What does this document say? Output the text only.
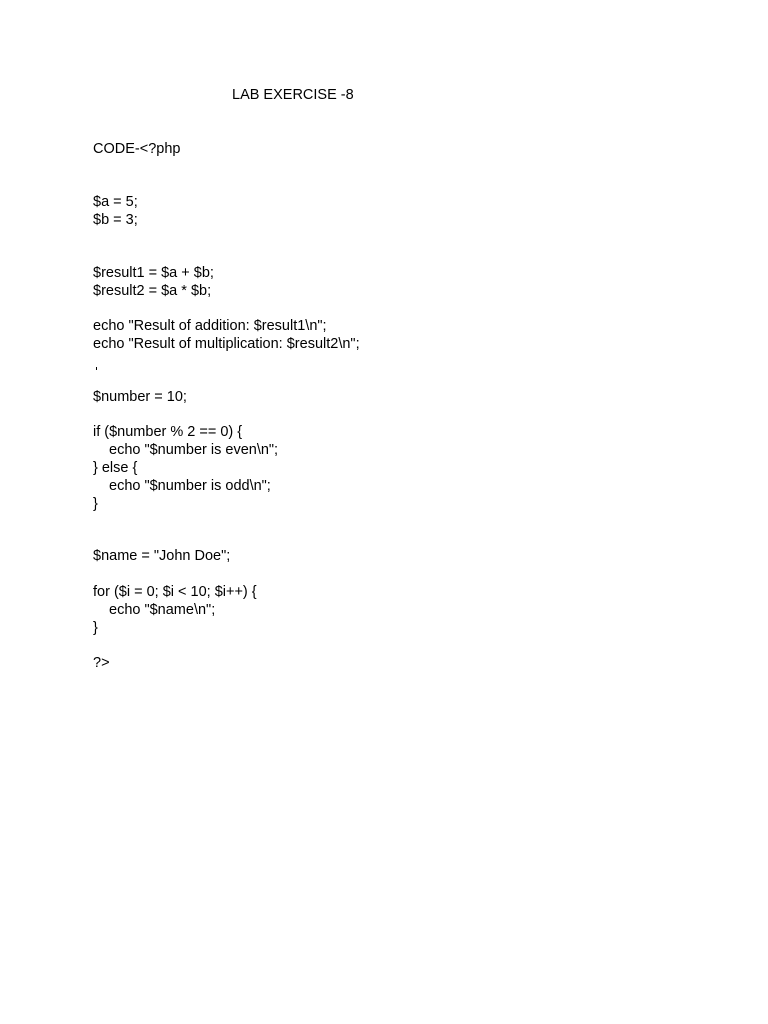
LAB EXERCISE -8
CODE-<?php
$a = 5;
$b = 3;
$result1 = $a + $b;
$result2 = $a * $b;
echo "Result of addition: $result1\n";
echo "Result of multiplication: $result2\n";
$number = 10;
if ($number % 2 == 0) {
echo "$number is even\n";
} else {
echo "$number is odd\n";
}
$name = "John Doe";
for ($i = 0; $i < 10; $i++) {
echo "$name\n";
}
?>
